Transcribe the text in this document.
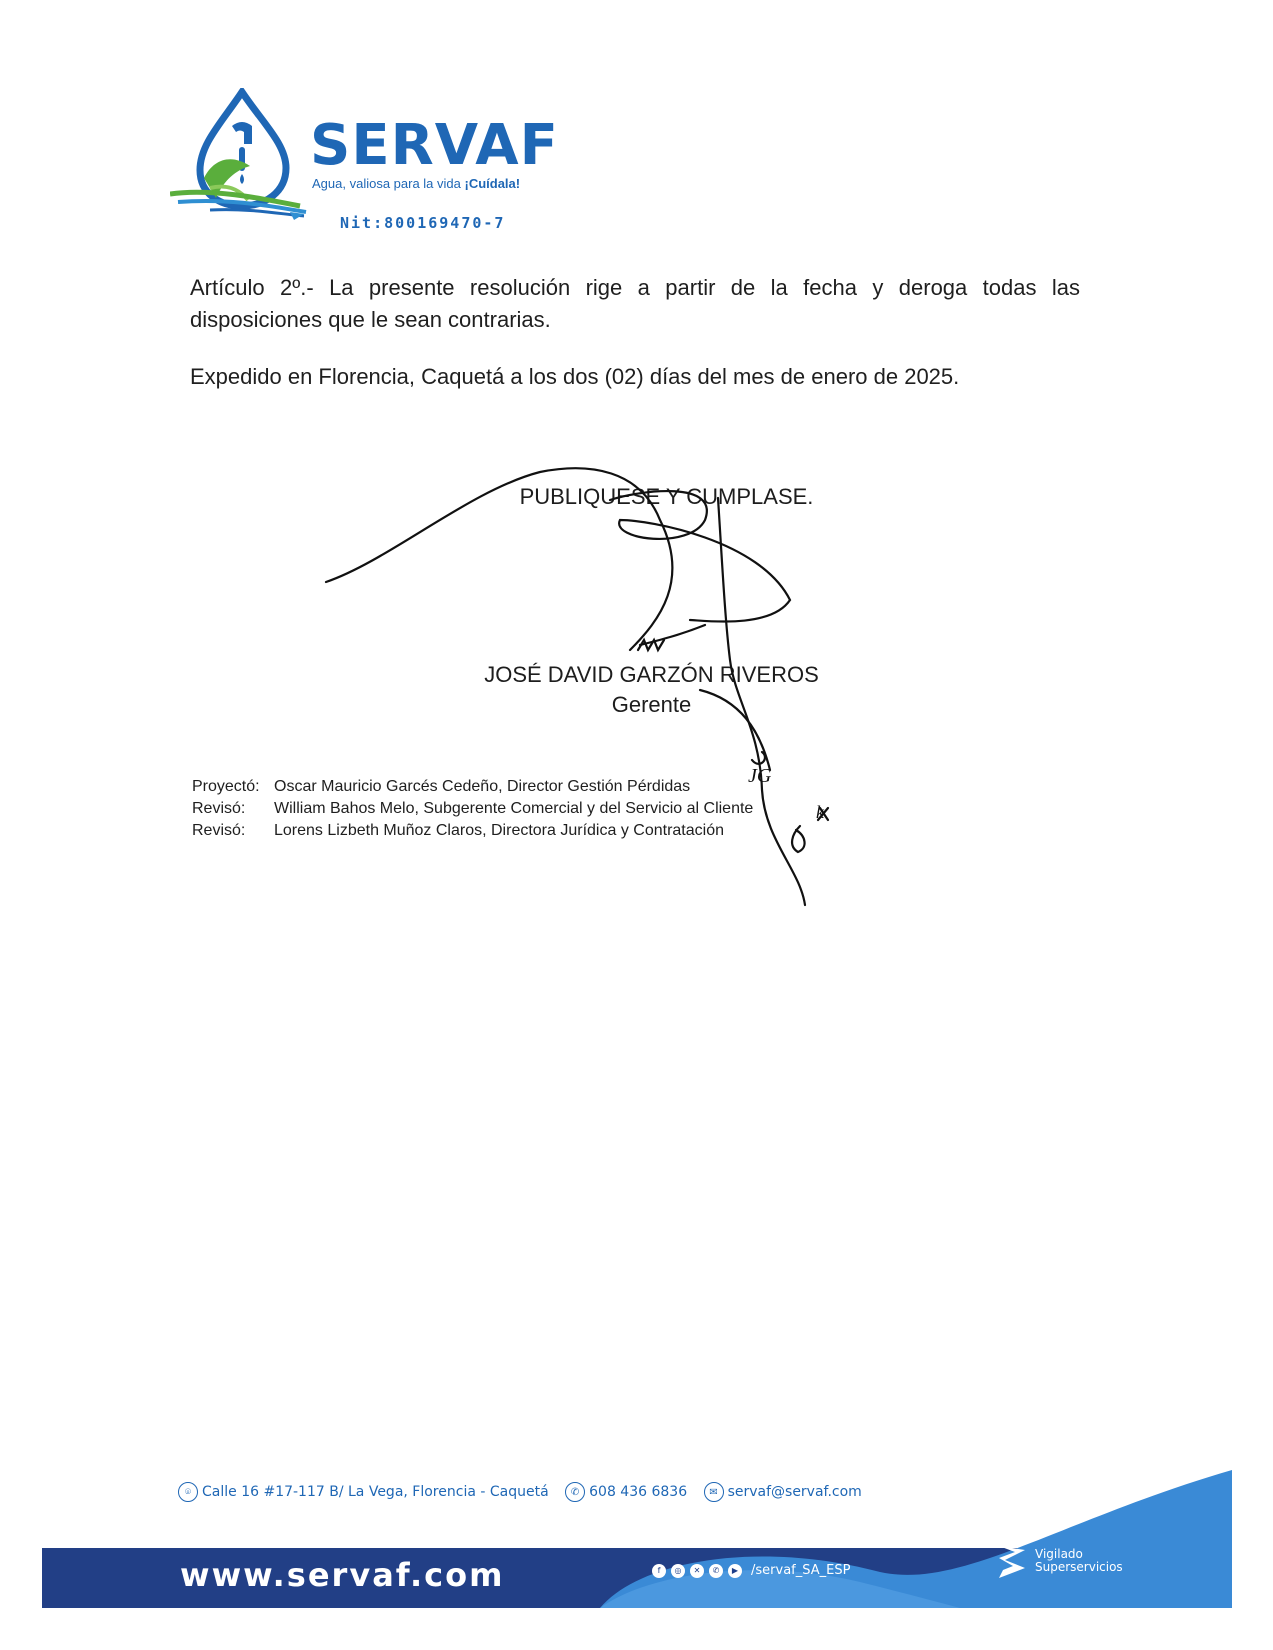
SERVAF
Agua, valiosa para la vida ¡Cuídala!
Nit:800169470-7
Artículo 2º.- La presente resolución rige a partir de la fecha y deroga todas las disposiciones que le sean contrarias.
Expedido en Florencia, Caquetá a los dos (02) días del mes de enero de 2025.
PUBLIQUESE Y CUMPLASE.
JOSÉ DAVID GARZÓN RIVEROS
Gerente
Proyectó: Oscar Mauricio Garcés Cedeño, Director Gestión Pérdidas
Revisó: William Bahos Melo, Subgerente Comercial y del Servicio al Cliente
Revisó: Lorens Lizbeth Muñoz Claros, Directora Jurídica y Contratación
JG
k
⌾ Calle 16 #17-117 B/ La Vega, Florencia - Caquetá
	✆ 608 436 6836
	✉ servaf@servaf.com
www.servaf.com	f	◎	✕	✆	▶ /servaf_SA_ESP
Vigilado
Superservicios
